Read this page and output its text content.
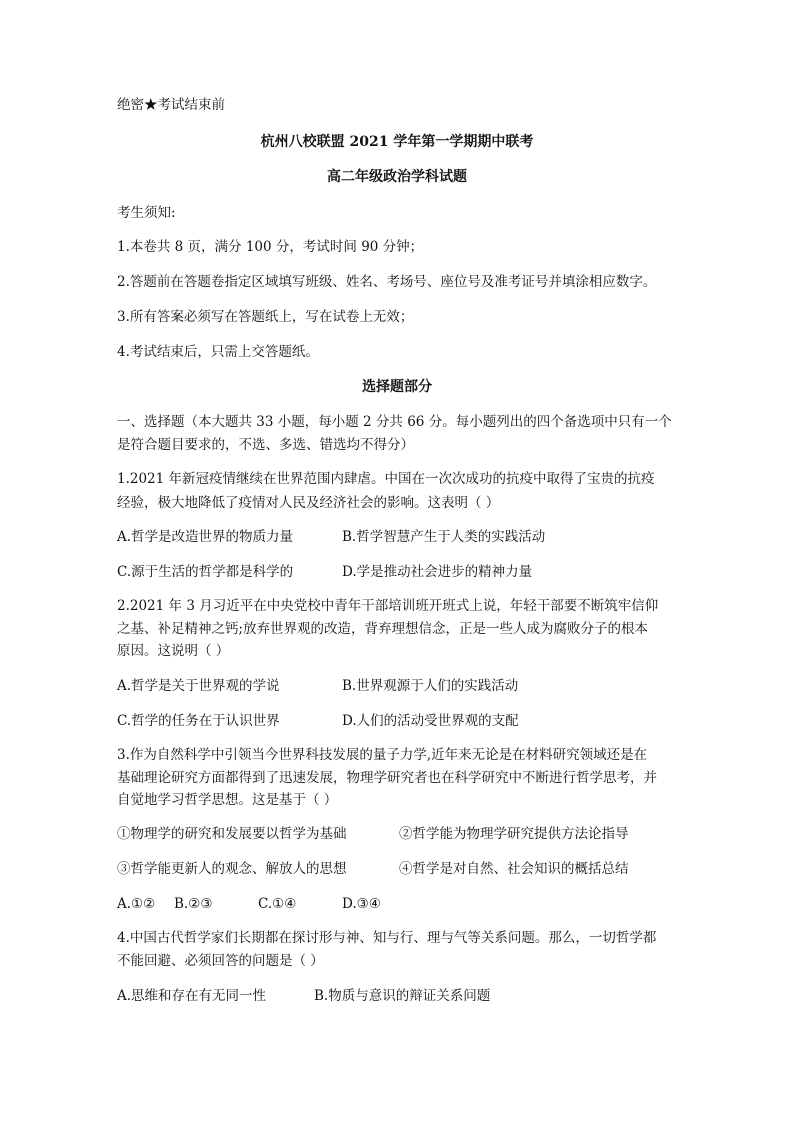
绝密★考试结束前
杭州八校联盟 2021 学年第一学期期中联考
高二年级政治学科试题
考生须知:
1.本卷共 8 页，满分 100 分，考试时间 90 分钟；
2.答题前在答题卷指定区域填写班级、姓名、考场号、座位号及准考证号并填涂相应数字。
3.所有答案必须写在答题纸上，写在试卷上无效；
4.考试结束后，只需上交答题纸。
选择题部分
一、选择题（本大题共 33 小题，每小题 2 分共 66 分。每小题列出的四个备选项中只有一个
是符合题目要求的，不选、多选、错选均不得分）
1.2021 年新冠疫情继续在世界范围内肆虐。中国在一次次成功的抗疫中取得了宝贵的抗疫
经验，极大地降低了疫情对人民及经济社会的影响。这表明（ ）
A.哲学是改造世界的物质力量	B.哲学智慧产生于人类的实践活动
C.源于生活的哲学都是科学的	D.学是推动社会进步的精神力量
2.2021 年 3 月习近平在中央党校中青年干部培训班开班式上说，年轻干部要不断筑牢信仰
之基、补足精神之钙;放弃世界观的改造，背弃理想信念，正是一些人成为腐败分子的根本
原因。这说明（ ）
A.哲学是关于世界观的学说	B.世界观源于人们的实践活动
C.哲学的任务在于认识世界	D.人们的活动受世界观的支配
3.作为自然科学中引领当今世界科技发展的量子力学,近年来无论是在材料研究领域还是在
基础理论研究方面都得到了迅速发展，物理学研究者也在科学研究中不断进行哲学思考，并
自觉地学习哲学思想。这是基于（ ）
①物理学的研究和发展要以哲学为基础	②哲学能为物理学研究提供方法论指导
③哲学能更新人的观念、解放人的思想	④哲学是对自然、社会知识的概括总结
A.①② B.②③	C.①④	D.③④
4.中国古代哲学家们长期都在探讨形与神、知与行、理与气等关系问题。那么，一切哲学都
不能回避、必须回答的问题是（ ）
A.思维和存在有无同一性	B.物质与意识的辩证关系问题
